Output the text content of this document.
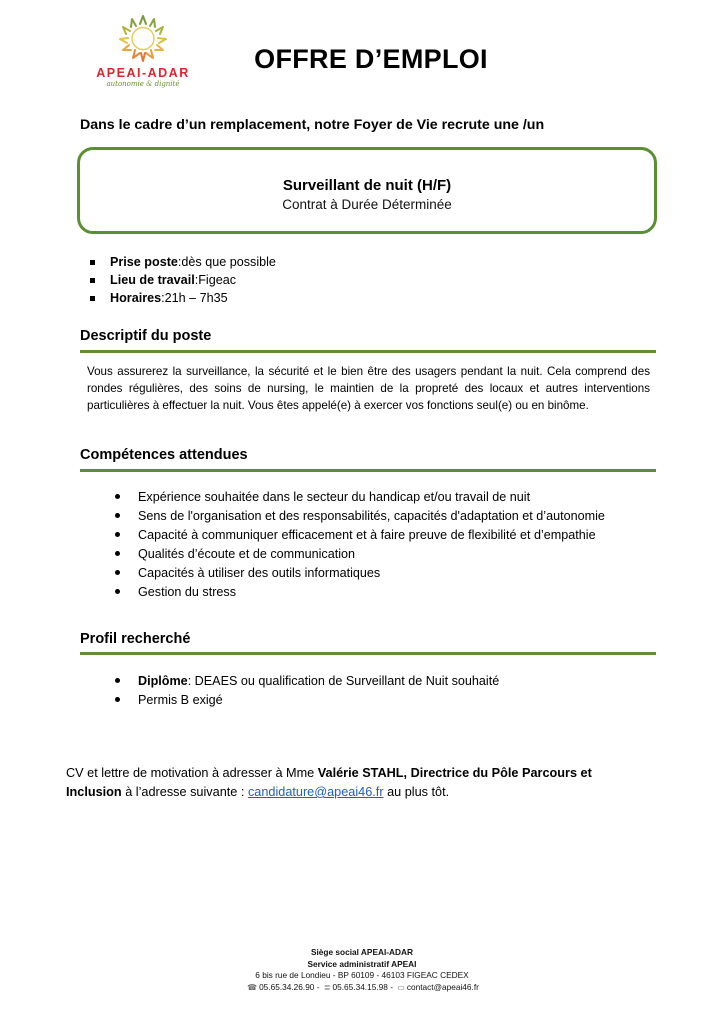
APEAI-ADAR
autonomie & dignité
OFFRE D’EMPLOI
Dans le cadre d’un remplacement, notre Foyer de Vie recrute une /un
Surveillant de nuit (H/F)
Contrat à Durée Déterminée
Prise poste : dès que possible
Lieu de travail : Figeac
Horaires : 21h – 7h35
Descriptif du poste
Vous assurerez la surveillance, la sécurité et le bien être des usagers pendant la nuit. Cela comprend des rondes régulières, des soins de nursing, le maintien de la propreté des locaux et autres interventions particulières à effectuer la nuit. Vous êtes appelé(e) à exercer vos fonctions seul(e) ou en binôme.
Compétences attendues
Expérience souhaitée dans le secteur du handicap et/ou travail de nuit
Sens de l'organisation et des responsabilités, capacités d'adaptation et d’autonomie
Capacité à communiquer efficacement et à faire preuve de flexibilité et d’empathie
Qualités d’écoute et de communication
Capacités à utiliser des outils informatiques
Gestion du stress
Profil recherché
Diplôme : DEAES ou qualification de Surveillant de Nuit souhaité
Permis B exigé
CV et lettre de motivation à adresser à Mme Valérie STAHL, Directrice du Pôle Parcours et Inclusion à l’adresse suivante : candidature@apeai46.fr au plus tôt.
Siège social APEAI-ADAR
Service administratif APEAI
6 bis rue de Londieu - BP 60109 - 46103 FIGEAC CEDEX
☎ 05.65.34.26.90 - ≣ 05.65.34.15.98 - ▭ contact@apeai46.fr
